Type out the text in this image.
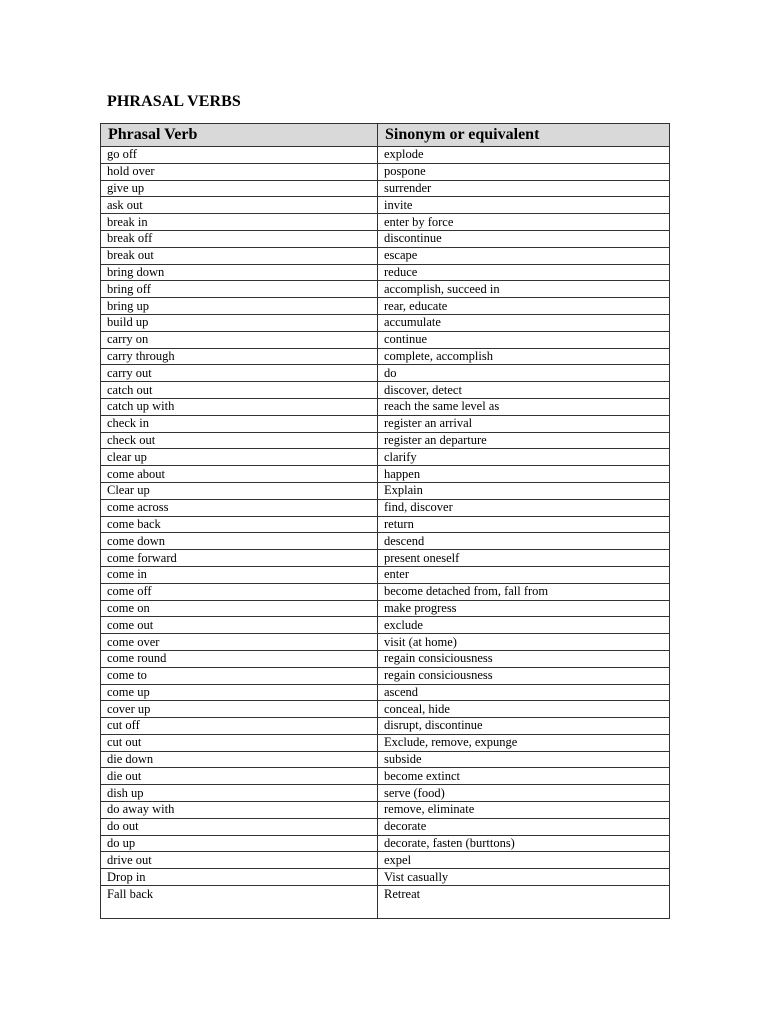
PHRASAL VERBS
Phrasal Verb	Sinonym or equivalent
go off	explode
hold over	pospone
give up	surrender
ask out	invite
break in	enter by force
break off	discontinue
break out	escape
bring down	reduce
bring off	accomplish, succeed in
bring up	rear, educate
build up	accumulate
carry on	continue
carry through	complete, accomplish
carry out	do
catch out	discover, detect
catch up with	reach the same level as
check in	register an arrival
check out	register an departure
clear up	clarify
come about	happen
Clear up	Explain
come across	find, discover
come back	return
come down	descend
come forward	present oneself
come in	enter
come off	become detached from, fall from
come on	make progress
come out	exclude
come over	visit (at home)
come round	regain consiciousness
come to	regain consiciousness
come up	ascend
cover up	conceal, hide
cut off	disrupt, discontinue
cut out	Exclude, remove, expunge
die down	subside
die out	become extinct
dish up	serve (food)
do away with	remove, eliminate
do out	decorate
do up	decorate, fasten (burttons)
drive out	expel
Drop in	Vist casually
Fall back	Retreat
